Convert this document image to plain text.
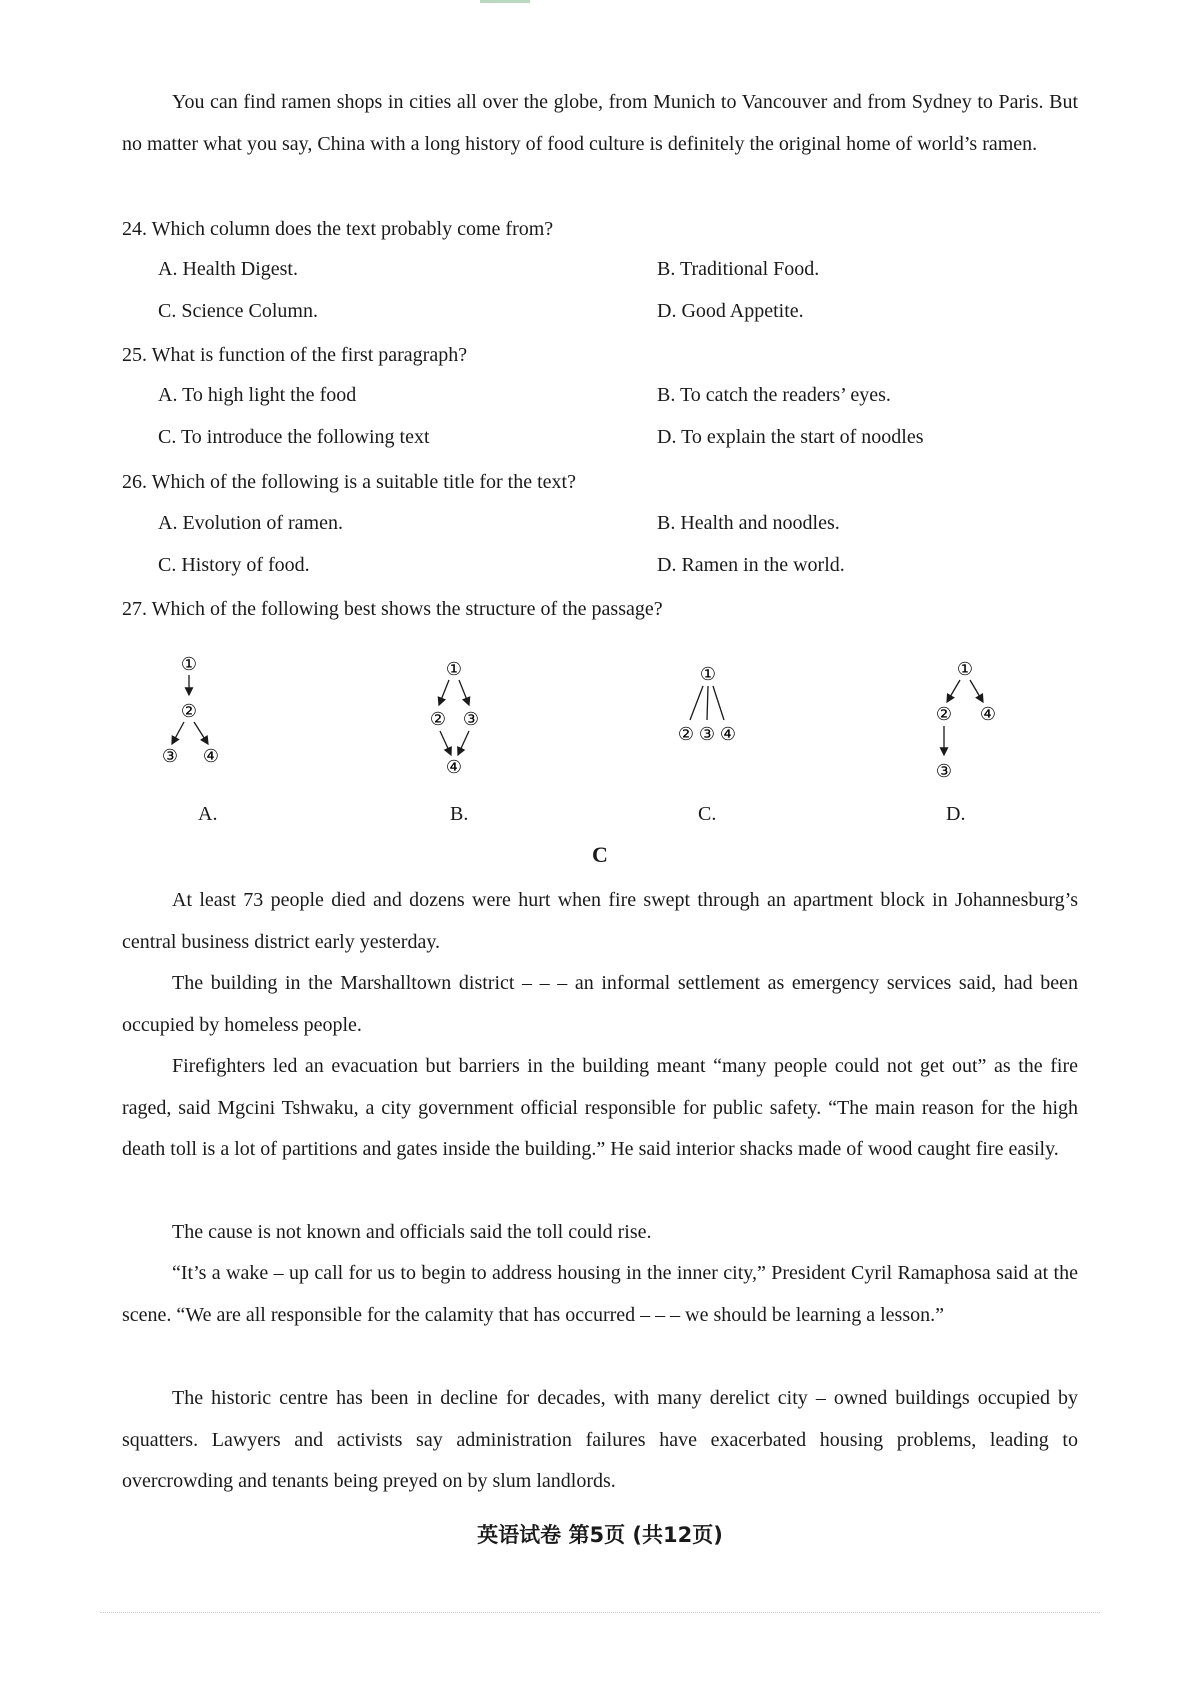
You can find ramen shops in cities all over the globe, from Munich to Vancouver and from Sydney to Paris. But no matter what you say, China with a long history of food culture is definitely the original home of world’s ramen.

24. Which column does the text probably come from?

A. Health Digest.	B. Traditional Food.

C. Science Column.	D. Good Appetite.

25. What is function of the first paragraph?

A. To high light the food	B. To catch the readers’ eyes.

C. To introduce the following text	D. To explain the start of noodles

26. Which of the following is a suitable title for the text?

A. Evolution of ramen.	B. Health and noodles.

C. History of food.	D. Ramen in the world.

27. Which of the following best shows the structure of the passage?

①
②
③ ④

A.

①
② ③
④

B.

①
② ③ ④

C.

①
② ④
③

D.

C

At least 73 people died and dozens were hurt when fire swept through an apartment block in Johannesburg’s central business district early yesterday.

The building in the Marshalltown district – – – an informal settlement as emergency services said, had been occupied by homeless people.

Firefighters led an evacuation but barriers in the building meant “many people could not get out” as the fire raged, said Mgcini Tshwaku, a city government official responsible for public safety. “The main reason for the high death toll is a lot of partitions and gates inside the building.” He said interior shacks made of wood caught fire easily.

The cause is not known and officials said the toll could rise.

“It’s a wake – up call for us to begin to address housing in the inner city,” President Cyril Ramaphosa said at the scene. “We are all responsible for the calamity that has occurred – – – we should be learning a lesson.”

The historic centre has been in decline for decades, with many derelict city – owned buildings occupied by squatters. Lawyers and activists say administration failures have exacerbated housing problems, leading to overcrowding and tenants being preyed on by slum landlords.

英语试卷 第5页 (共12页)
